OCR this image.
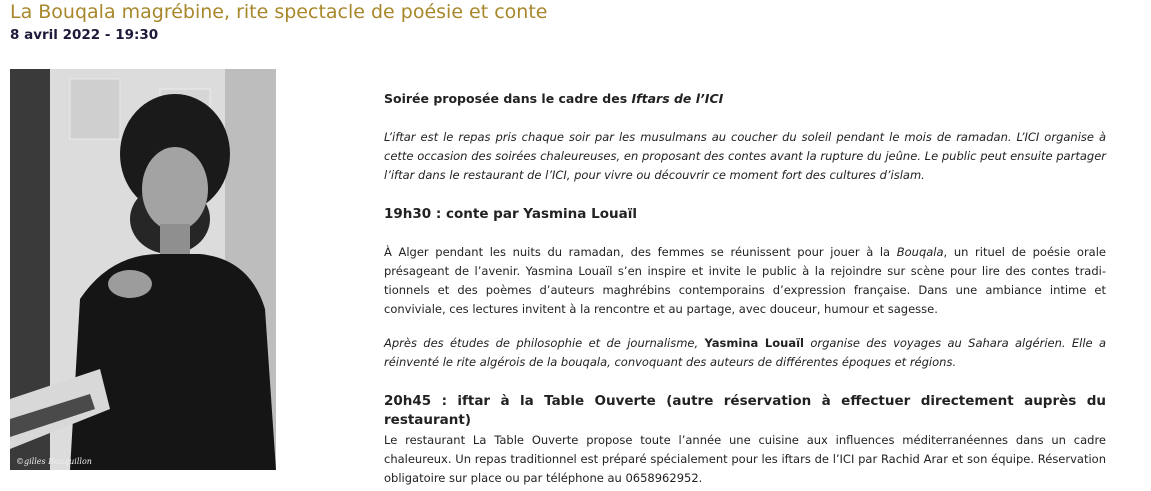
La Bouqala magrébine, rite spectacle de poésie et conte
8 avril 2022 - 19:30
©gilles Bouquillon

Soirée proposée dans le cadre des Iftars de l’ICI

L’iftar est le repas pris chaque soir par les musulmans au coucher du soleil pendant le mois de ramadan. L’ICI organise à cette occasion des soirées chaleureuses, en proposant des contes avant la rupture du jeûne. Le public peut ensuite partager l’iftar dans le restaurant de l’ICI, pour vivre ou découvrir ce moment fort des cultures d’islam.

19h30 : conte par Yasmina Louaïl

À Alger pendant les nuits du ramadan, des femmes se réunissent pour jouer à la Bouqala, un rituel de poésie orale présageant de l’avenir. Yasmina Louaïl s’en inspire et invite le public à la rejoindre sur scène pour lire des contes tradi-tionnels et des poèmes d’auteurs maghrébins contemporains d’expression française. Dans une ambiance intime et conviviale, ces lectures invitent à la rencontre et au partage, avec douceur, humour et sagesse.

Après des études de philosophie et de journalisme, Yasmina Louaïl organise des voyages au Sahara algérien. Elle a réinventé le rite algérois de la bouqala, convoquant des auteurs de différentes époques et régions.

20h45 : iftar à la Table Ouverte (autre réservation à effectuer directement auprès du restaurant)

Le restaurant La Table Ouverte propose toute l’année une cuisine aux influences méditerranéennes dans un cadre chaleureux. Un repas traditionnel est préparé spécialement pour les iftars de l’ICI par Rachid Arar et son équipe. Réservation obligatoire sur place ou par téléphone au 0658962952.
